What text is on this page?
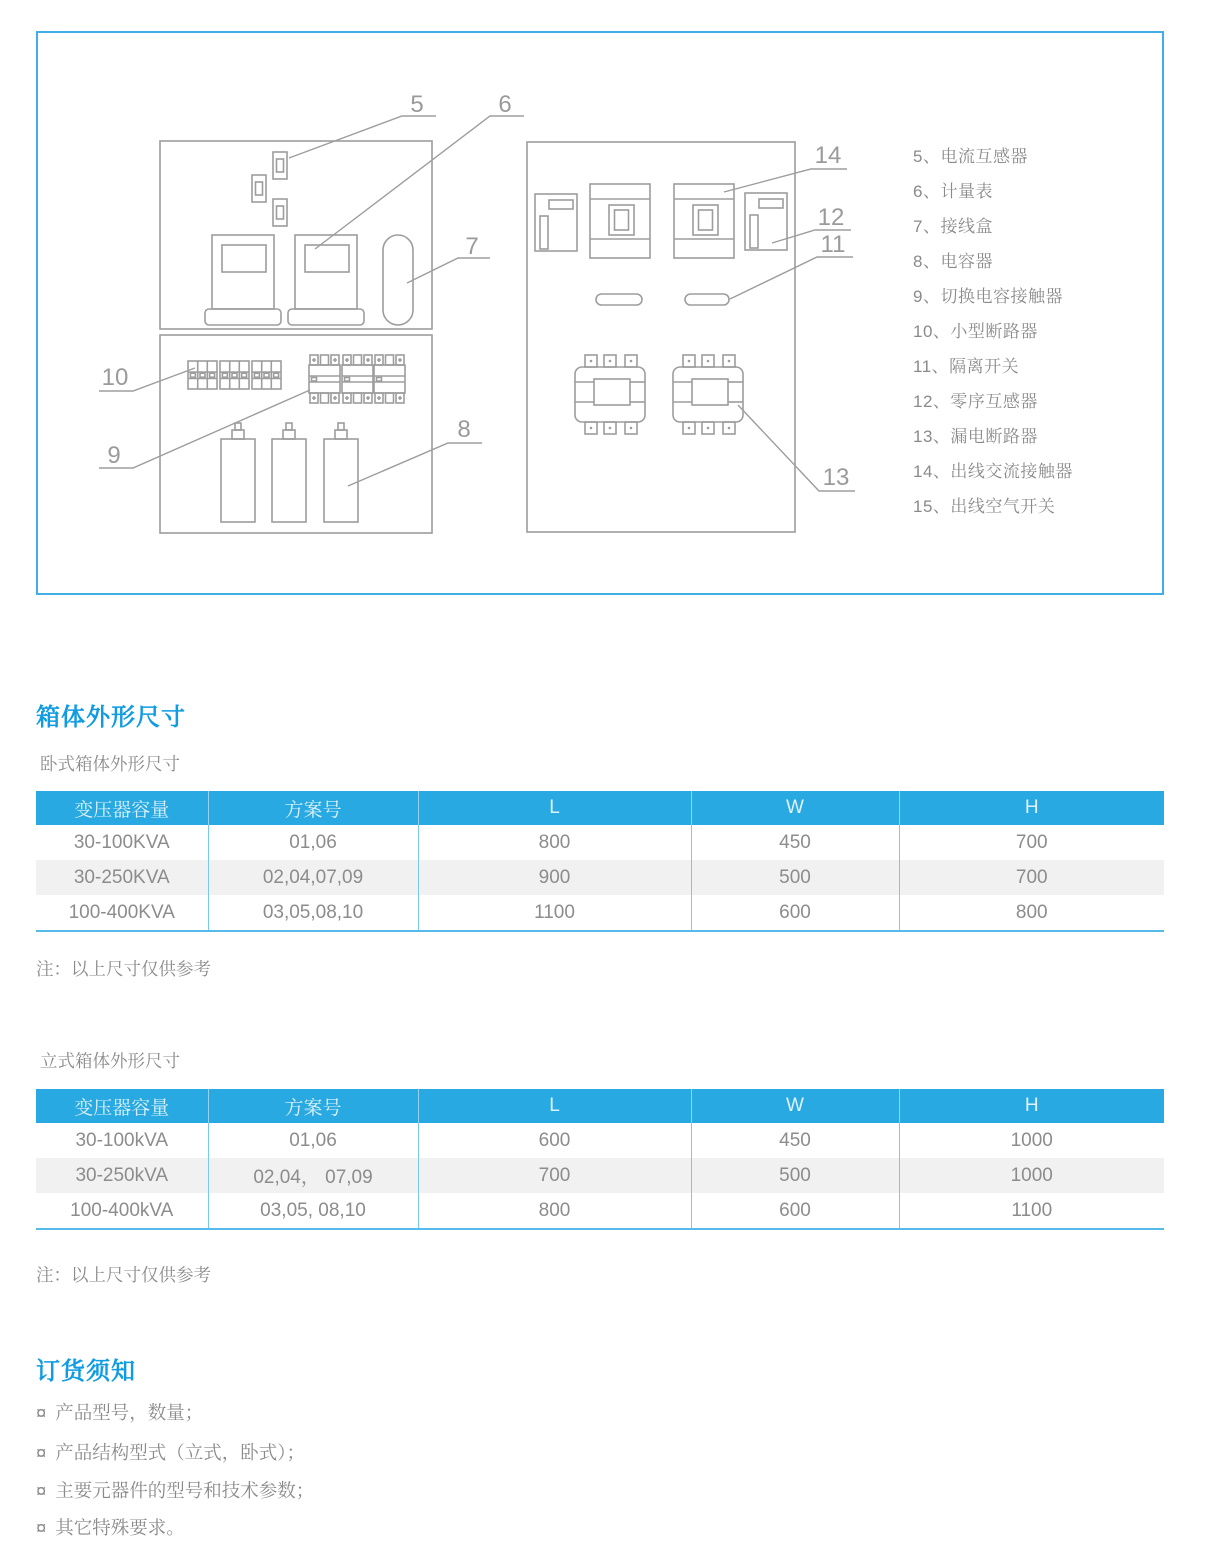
5	6
7
8
9
10
11
12
13
14	5、电流互感器
6、计量表
7、接线盒
8、电容器
9、切换电容接触器
10、小型断路器
11、隔离开关
12、零序互感器
13、漏电断路器
14、出线交流接触器
15、出线空气开关
箱体外形尺寸
卧式箱体外形尺寸
变压器容量	方案号	L	W	H
30-100KVA	01,06	800	450	700
30-250KVA	02,04,07,09	900	500	700
100-400KVA	03,05,08,10	1100	600	800
注：以上尺寸仅供参考
立式箱体外形尺寸
变压器容量	方案号	L	W	H
30-100kVA	01,06	600	450	1000
30-250kVA	02,04， 07,09	700	500	1000
100-400kVA	03,05, 08,10	800	600	1100
注：以上尺寸仅供参考
订货须知
¤ 产品型号，数量；
¤ 产品结构型式（立式，卧式）；
¤ 主要元器件的型号和技术参数；
¤ 其它特殊要求。
